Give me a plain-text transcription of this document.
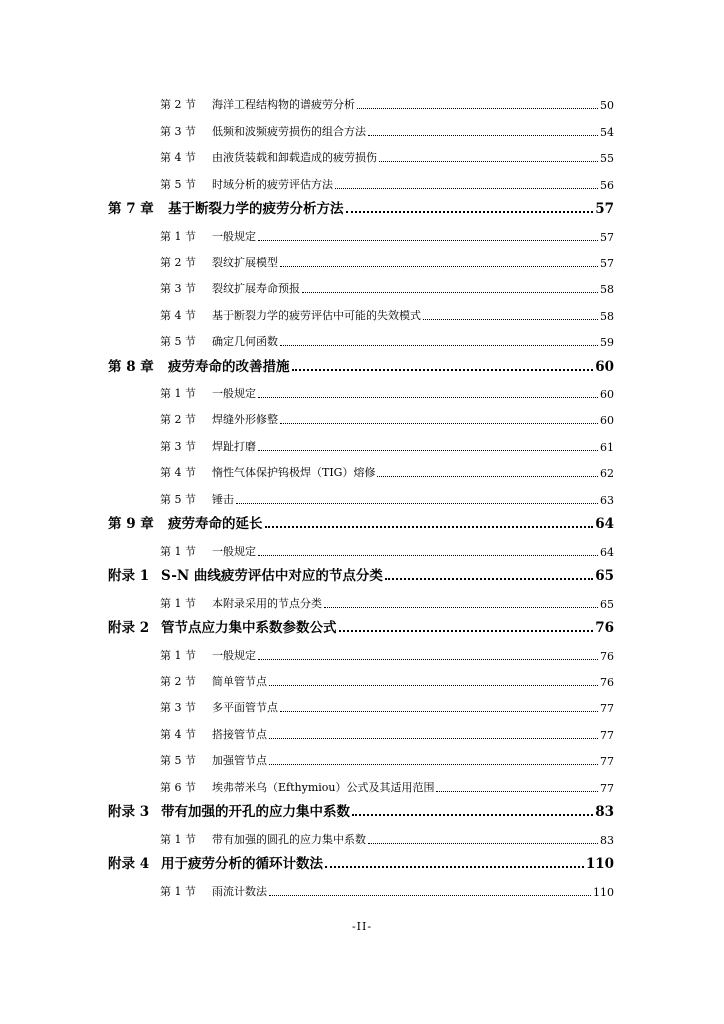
第 2 节	海洋工程结构物的谱疲劳分析	50
第 3 节	低频和波频疲劳损伤的组合方法	54
第 4 节	由液货装载和卸载造成的疲劳损伤	55
第 5 节	时域分析的疲劳评估方法	56
第 7 章	基于断裂力学的疲劳分析方法	57
第 1 节	一般规定	57
第 2 节	裂纹扩展模型	57
第 3 节	裂纹扩展寿命预报	58
第 4 节	基于断裂力学的疲劳评估中可能的失效模式	58
第 5 节	确定几何函数	59
第 8 章	疲劳寿命的改善措施	60
第 1 节	一般规定	60
第 2 节	焊缝外形修整	60
第 3 节	焊趾打磨	61
第 4 节	惰性气体保护钨极焊（TIG）熔修	62
第 5 节	锤击	63
第 9 章	疲劳寿命的延长	64
第 1 节	一般规定	64
附录 1 S-N 曲线疲劳评估中对应的节点分类	65
第 1 节	本附录采用的节点分类	65
附录 2 管节点应力集中系数参数公式	76
第 1 节	一般规定	76
第 2 节	简单管节点	76
第 3 节	多平面管节点	77
第 4 节	搭接管节点	77
第 5 节	加强管节点	77
第 6 节	埃弗蒂米乌（Efthymiou）公式及其适用范围	77
附录 3 带有加强的开孔的应力集中系数	83
第 1 节	带有加强的圆孔的应力集中系数	83
附录 4 用于疲劳分析的循环计数法	110
第 1 节	雨流计数法	110
-II-
